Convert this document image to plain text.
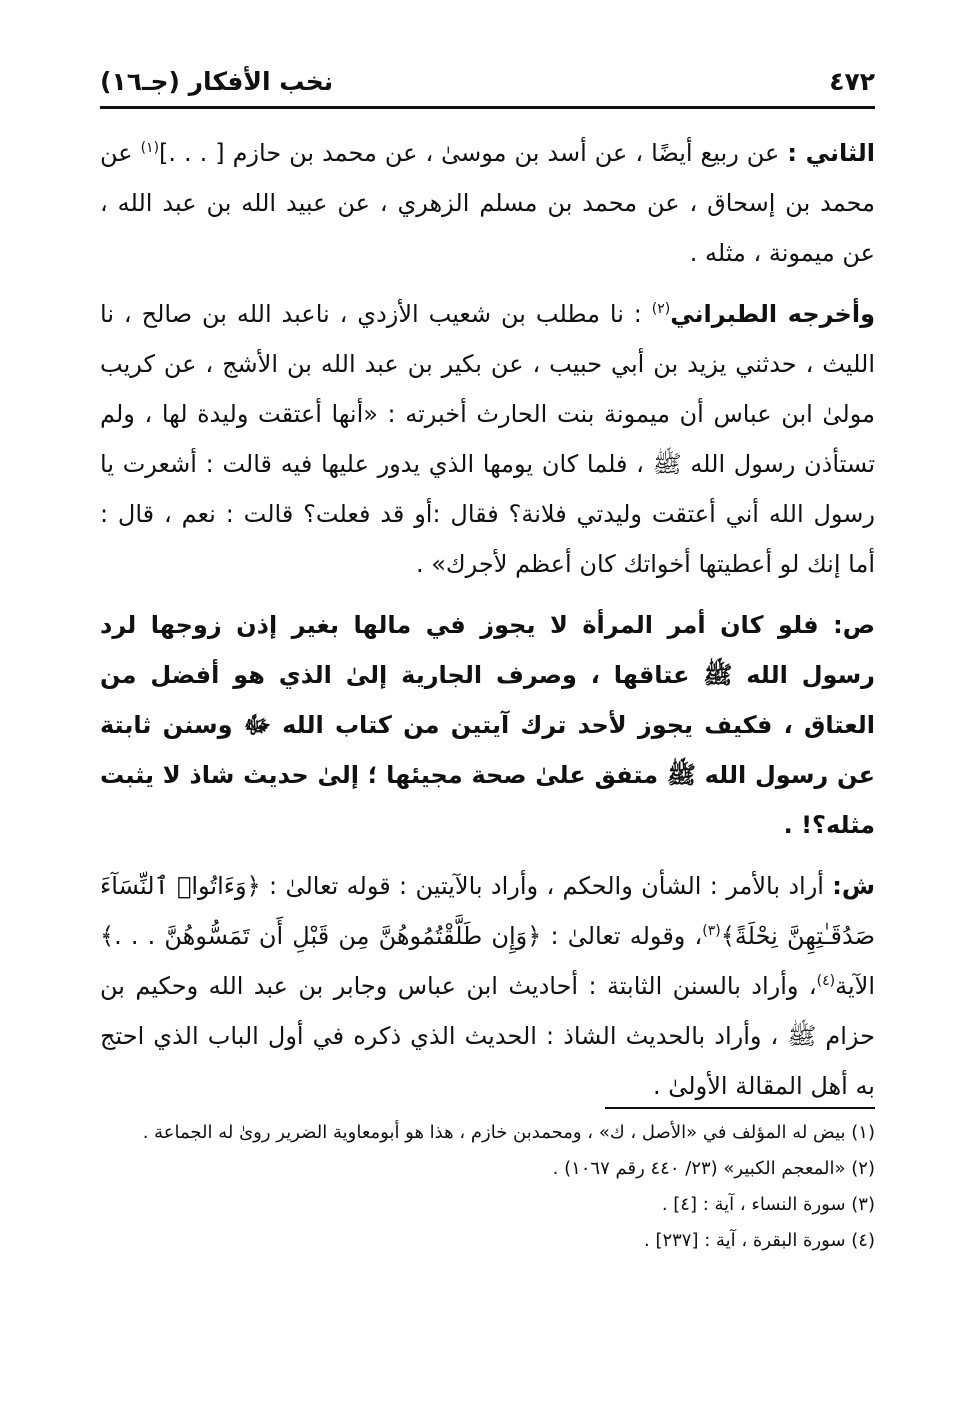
٤٧٢
نخب الأفكار (جـ١٦)

الثاني : عن ربيع أيضًا ، عن أسد بن موسىٰ ، عن محمد بن حازم [ . . .]$^{(١)}$ عن محمد بن إسحاق ، عن محمد بن مسلم الزهري ، عن عبيد الله بن عبد الله ، عن ميمونة ، مثله .

وأخرجه الطبراني$^{(٢)}$ : نا مطلب بن شعيب الأزدي ، ناعبد الله بن صالح ، نا الليث ، حدثني يزيد بن أبي حبيب ، عن بكير بن عبد الله بن الأشج ، عن كريب مولىٰ ابن عباس أن ميمونة بنت الحارث أخبرته : «أنها أعتقت وليدة لها ، ولم تستأذن رسول الله ﷺ ، فلما كان يومها الذي يدور عليها فيه قالت : أشعرت يا رسول الله أني أعتقت وليدتي فلانة؟ فقال :أو قد فعلت؟ قالت : نعم ، قال : أما إنك لو أعطيتها أخواتك كان أعظم لأجرك» .

ص: فلو كان أمر المرأة لا يجوز في مالها بغير إذن زوجها لرد رسول الله ﷺ عتاقها ، وصرف الجارية إلىٰ الذي هو أفضل من العتاق ، فكيف يجوز لأحد ترك آيتين من كتاب الله ﷻ وسنن ثابتة عن رسول الله ﷺ متفق علىٰ صحة مجيئها ؛ إلىٰ حديث شاذ لا يثبت مثله؟! .

ش: أراد بالأمر : الشأن والحكم ، وأراد بالآيتين : قوله تعالىٰ : ﴿وَءَاتُوا۟ ٱلنِّسَآءَ صَدُقَـٰتِهِنَّ نِحْلَةً﴾$^{(٣)}$، وقوله تعالىٰ : ﴿وَإِن طَلَّقْتُمُوهُنَّ مِن قَبْلِ أَن تَمَسُّوهُنَّ . . .﴾ الآية$^{(٤)}$، وأراد بالسنن الثابتة : أحاديث ابن عباس وجابر بن عبد الله وحكيم بن حزام ﷺ ، وأراد بالحديث الشاذ : الحديث الذي ذكره في أول الباب الذي احتج به أهل المقالة الأولىٰ .

(١) بيض له المؤلف في «الأصل ، ك» ، ومحمدبن خازم ، هذا هو أبومعاوية الضرير روىٰ له الجماعة .
(٢) «المعجم الكبير» (٢٣/ ٤٤٠ رقم ١٠٦٧) .
(٣) سورة النساء ، آية : [٤] .
(٤) سورة البقرة ، آية : [٢٣٧] .
